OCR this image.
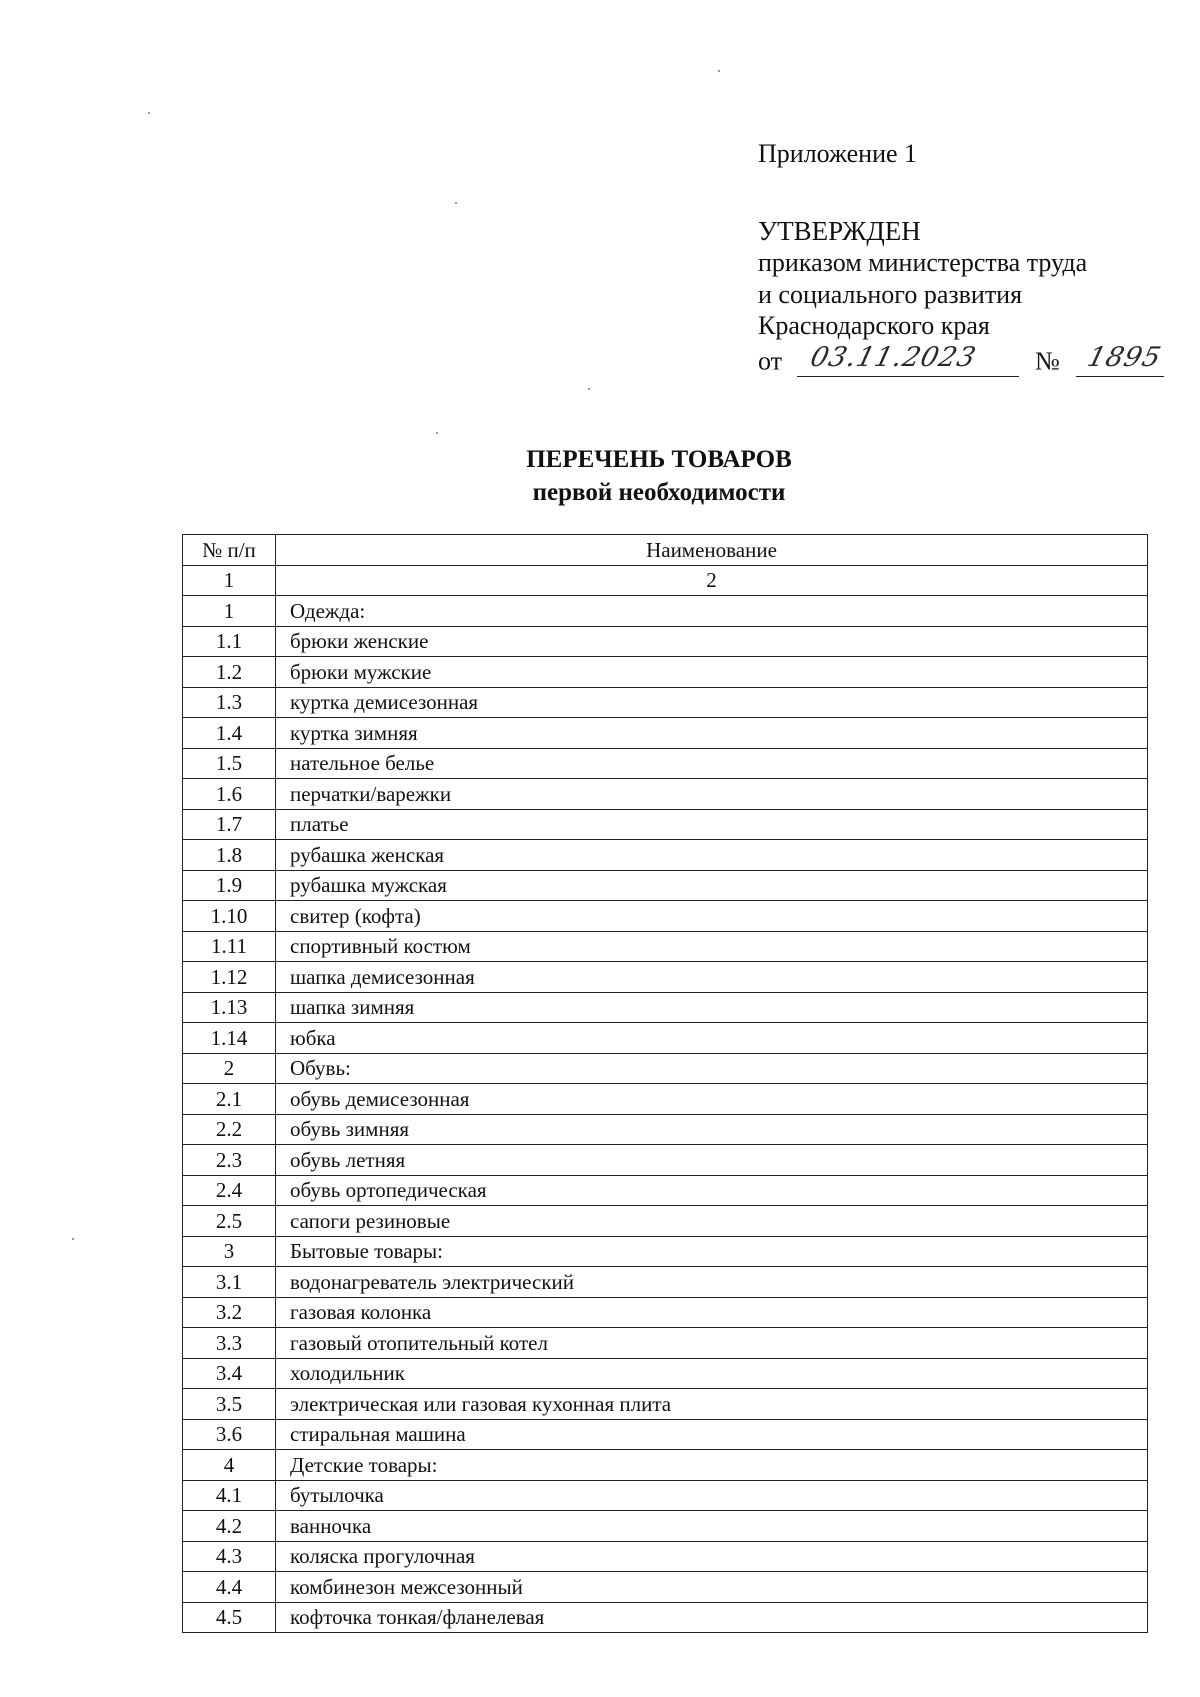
Приложение 1
УТВЕРЖДЕН
приказом министерства труда
и социального развития
Краснодарского края
от 03.11.2023 № 1895
ПЕРЕЧЕНЬ ТОВАРОВ
первой необходимости
№ п/п	Наименование
1	2
1	Одежда:
1.1	брюки женские
1.2	брюки мужские
1.3	куртка демисезонная
1.4	куртка зимняя
1.5	нательное белье
1.6	перчатки/варежки
1.7	платье
1.8	рубашка женская
1.9	рубашка мужская
1.10	свитер (кофта)
1.11	спортивный костюм
1.12	шапка демисезонная
1.13	шапка зимняя
1.14	юбка
2	Обувь:
2.1	обувь демисезонная
2.2	обувь зимняя
2.3	обувь летняя
2.4	обувь ортопедическая
2.5	сапоги резиновые
3	Бытовые товары:
3.1	водонагреватель электрический
3.2	газовая колонка
3.3	газовый отопительный котел
3.4	холодильник
3.5	электрическая или газовая кухонная плита
3.6	стиральная машина
4	Детские товары:
4.1	бутылочка
4.2	ванночка
4.3	коляска прогулочная
4.4	комбинезон межсезонный
4.5	кофточка тонкая/фланелевая
